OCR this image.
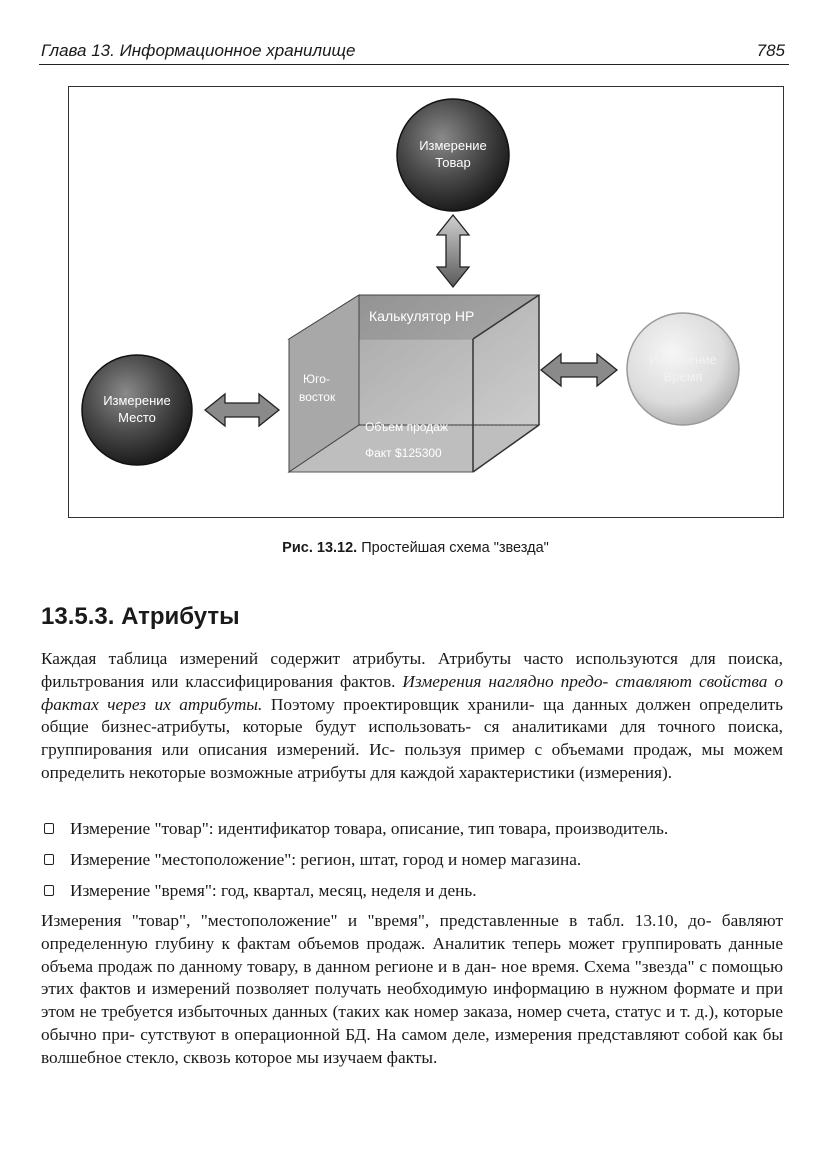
Глава 13. Информационное хранилище	785
Калькулятор HP
Юго-
восток
Объем продаж
Факт $125300
Измерение
Товар
Измерение
Место
Измерение
Время
Рис. 13.12. Простейшая схема "звезда"
13.5.3. Атрибуты
Каждая таблица измерений содержит атрибуты. Атрибуты часто используются для поиска, фильтрования или классифицирования фактов. Измерения наглядно предо- ставляют свойства о фактах через их атрибуты. Поэтому проектировщик хранили- ща данных должен определить общие бизнес-атрибуты, которые будут использовать- ся аналитиками для точного поиска, группирования или описания измерений. Ис- пользуя пример с объемами продаж, мы можем определить некоторые возможные атрибуты для каждой характеристики (измерения).
Измерение "товар": идентификатор товара, описание, тип товара, производитель.
Измерение "местоположение": регион, штат, город и номер магазина.
Измерение "время": год, квартал, месяц, неделя и день.
Измерения "товар", "местоположение" и "время", представленные в табл. 13.10, до- бавляют определенную глубину к фактам объемов продаж. Аналитик теперь может группировать данные объема продаж по данному товару, в данном регионе и в дан- ное время. Схема "звезда" с помощью этих фактов и измерений позволяет получать необходимую информацию в нужном формате и при этом не требуется избыточных данных (таких как номер заказа, номер счета, статус и т. д.), которые обычно при- сутствуют в операционной БД. На самом деле, измерения представляют собой как бы волшебное стекло, сквозь которое мы изучаем факты.
